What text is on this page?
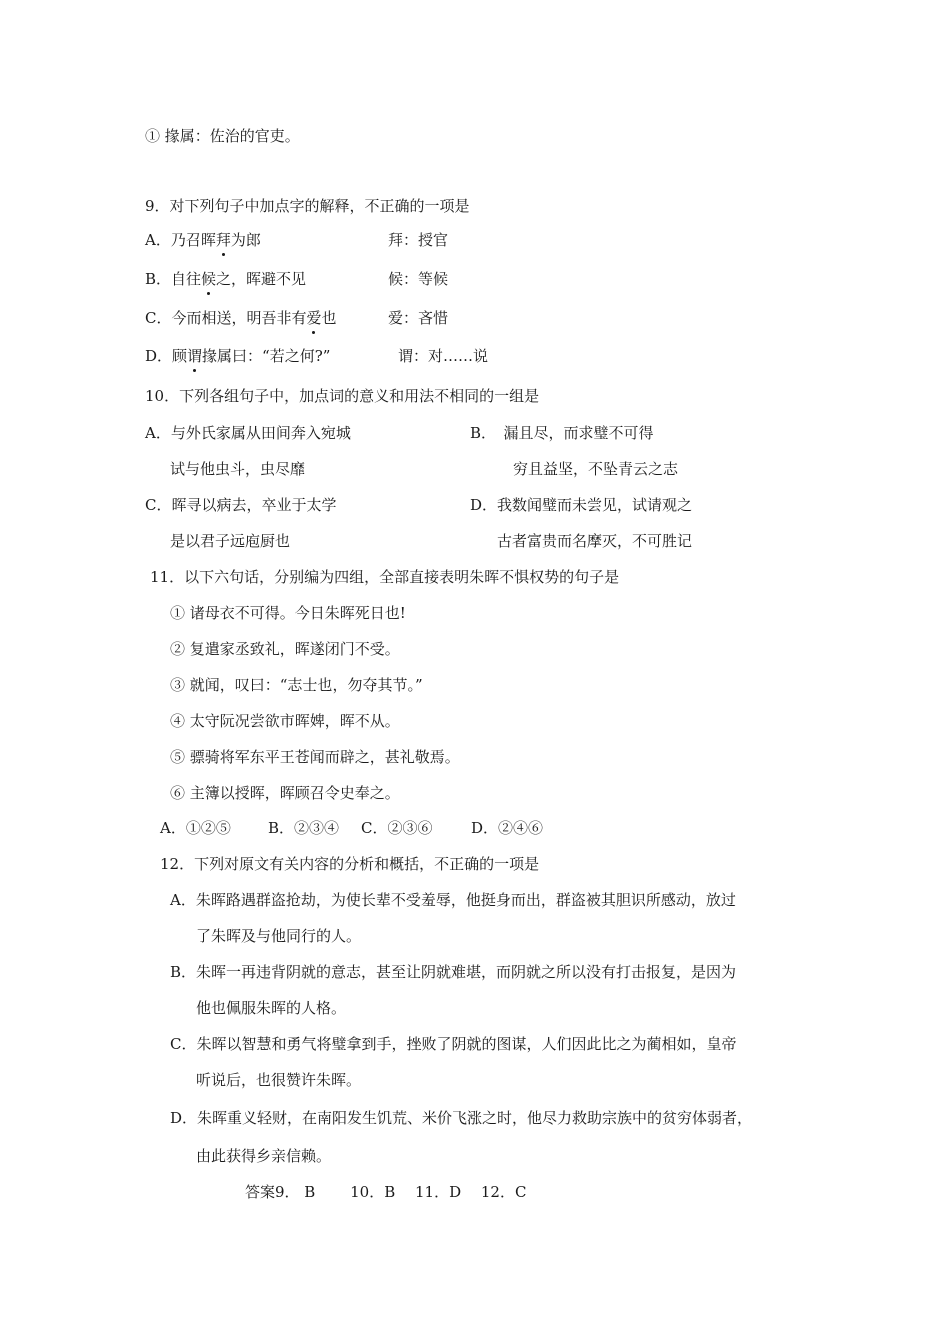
① 掾属：佐治的官吏。
9．对下列句子中加点字的解释，不正确的一项是
A．乃召晖拜为郎	拜：授官
B．自往候之，晖避不见	候：等候
C．今而相送，明吾非有爱也	爱：吝惜
D．顾谓掾属曰：“若之何?”	谓：对……说
10．下列各组句子中，加点词的意义和用法不相同的一组是
A．与外氏家属从田间奔入宛城	B．　漏且尽，而求璧不可得
试与他虫斗，虫尽靡	穷且益坚，不坠青云之志
C．晖寻以病去，卒业于太学	D．我数闻璧而未尝见，试请观之
是以君子远庖厨也	古者富贵而名摩灭，不可胜记
11．以下六句话，分别编为四组，全部直接表明朱晖不惧权势的句子是
① 诸母衣不可得。今日朱晖死日也!
② 复遣家丞致礼，晖遂闭门不受。
③ 就闻，叹曰：“志士也，勿夺其节。”
④ 太守阮况尝欲市晖婢，晖不从。
⑤ 骠骑将军东平王苍闻而辟之，甚礼敬焉。
⑥ 主簿以授晖，晖顾召令史奉之。
A．①②⑤ B．②③④ C．②③⑥	D．②④⑥
12．下列对原文有关内容的分析和概括，不正确的一项是
A．朱晖路遇群盗抢劫，为使长辈不受羞辱，他挺身而出，群盗被其胆识所感动，放过
了朱晖及与他同行的人。
B．朱晖一再违背阴就的意志，甚至让阴就难堪，而阴就之所以没有打击报复，是因为
他也佩服朱晖的人格。
C．朱晖以智慧和勇气将璧拿到手，挫败了阴就的图谋，人们因此比之为蔺相如，皇帝
听说后，也很赞许朱晖。
D．朱晖重义轻财，在南阳发生饥荒、米价飞涨之时，他尽力救助宗族中的贫穷体弱者，
由此获得乡亲信赖。
答案9． B　　 10．B　 11．D　 12．C
